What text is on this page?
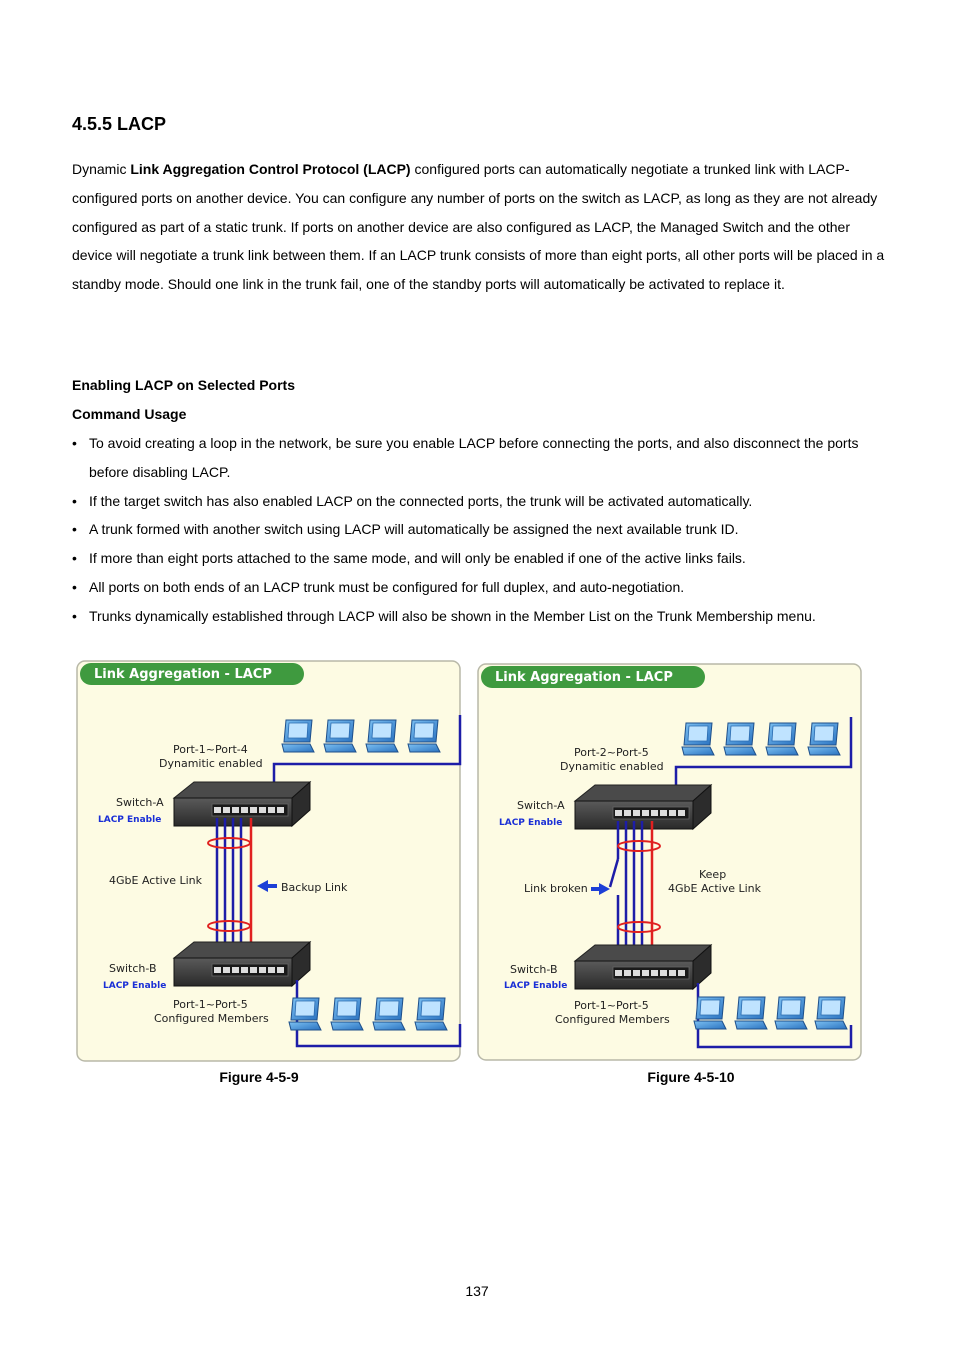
4.5.5 LACP

Dynamic Link Aggregation Control Protocol (LACP) configured ports can automatically negotiate a trunked link with LACP-configured ports on another device. You can configure any number of ports on the switch as LACP, as long as they are not already configured as part of a static trunk. If ports on another device are also configured as LACP, the Managed Switch and the other device will negotiate a trunk link between them. If an LACP trunk consists of more than eight ports, all other ports will be placed in a standby mode. Should one link in the trunk fail, one of the standby ports will automatically be activated to replace it.

Enabling LACP on Selected Ports

Command Usage

• To avoid creating a loop in the network, be sure you enable LACP before connecting the ports, and also disconnect the ports before disabling LACP.
• If the target switch has also enabled LACP on the connected ports, the trunk will be activated automatically.
• A trunk formed with another switch using LACP will automatically be assigned the next available trunk ID.
• If more than eight ports attached to the same mode, and will only be enabled if one of the active links fails.
• All ports on both ends of an LACP trunk must be configured for full duplex, and auto-negotiation.
• Trunks dynamically established through LACP will also be shown in the Member List on the Trunk Membership menu.
Link Aggregation - LACP
Port-1~Port-4
Dynamitic enabled
Switch-A
LACP Enable
4GbE Active Link
Backup Link
Switch-B
LACP Enable
Port-1~Port-5
Configured Members
Link Aggregation - LACP
Port-2~Port-5
Dynamitic enabled
Switch-A
LACP Enable
Link broken
Keep
4GbE Active Link
Switch-B
LACP Enable
Port-1~Port-5
Configured Members
Figure 4-5-9	Figure 4-5-10
137
